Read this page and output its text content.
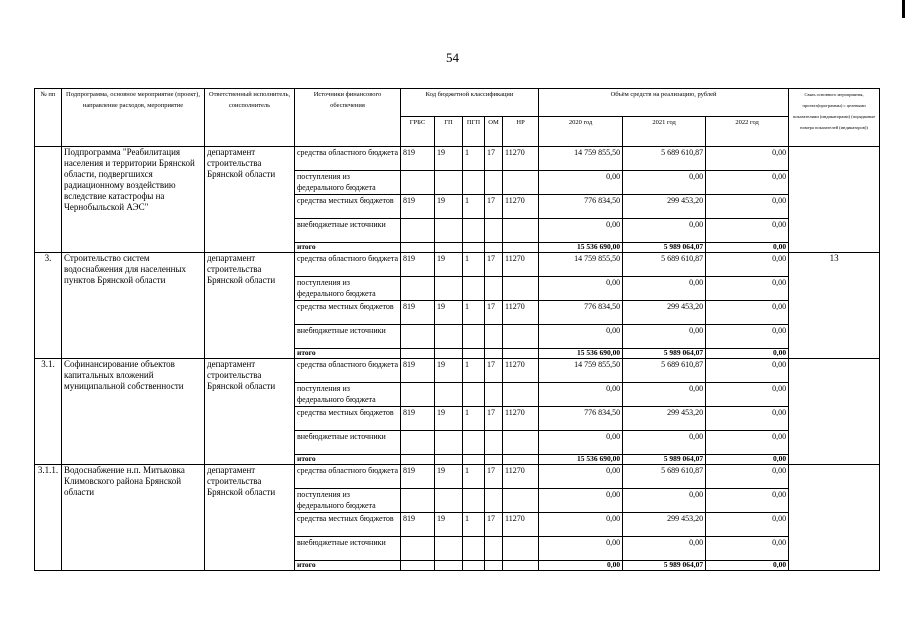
54
№ пп	Подпрограмма, основное мероприятие (проект), направление расходов, мероприятие	Ответственный исполнитель, соисполнитель	Источники финансового обеспечения	Код бюджетной классификации					Объём средств на реализацию, рублей			Связь основного мероприятия, проекта(программы) с целевыми показателями (индикаторами) (порядковые номера показателей (индикаторов))
				ГРБС	ГП	ПГП	ОМ	НР	2020 год	2021 год	2022 год	
	Подпрограмма "Реабилитация населения и территории Брянской области, подвергшихся радиационному воздействию вследствие катастрофы на Чернобыльской АЭС"	департамент строительства Брянской области	средства областного бюджета	819	19	1	17	11270	14 759 855,50	5 689 610,87	0,00	
			поступления из федерального бюджета						0,00	0,00	0,00	
			средства местных бюджетов	819	19	1	17	11270	776 834,50	299 453,20	0,00	
			внебюджетные источники						0,00	0,00	0,00	
			итого						15 536 690,00	5 989 064,07	0,00	
3.	Строительство систем водоснабжения для населенных пунктов Брянской области	департамент строительства Брянской области	средства областного бюджета	819	19	1	17	11270	14 759 855,50	5 689 610,87	0,00	13
			поступления из федерального бюджета						0,00	0,00	0,00	
			средства местных бюджетов	819	19	1	17	11270	776 834,50	299 453,20	0,00	
			внебюджетные источники						0,00	0,00	0,00	
			итого						15 536 690,00	5 989 064,07	0,00	
3.1.	Софинансирование объектов капитальных вложений муниципальной собственности	департамент строительства Брянской области	средства областного бюджета	819	19	1	17	11270	14 759 855,50	5 689 610,87	0,00	
			поступления из федерального бюджета						0,00	0,00	0,00	
			средства местных бюджетов	819	19	1	17	11270	776 834,50	299 453,20	0,00	
			внебюджетные источники						0,00	0,00	0,00	
			итого						15 536 690,00	5 989 064,07	0,00	
3.1.1.	Водоснабжение н.п. Митьковка Климовского района Брянской области	департамент строительства Брянской области	средства областного бюджета	819	19	1	17	11270	0,00	5 689 610,87	0,00	
			поступления из федерального бюджета						0,00	0,00	0,00	
			средства местных бюджетов	819	19	1	17	11270	0,00	299 453,20	0,00	
			внебюджетные источники						0,00	0,00	0,00	
			итого						0,00	5 989 064,07	0,00	
